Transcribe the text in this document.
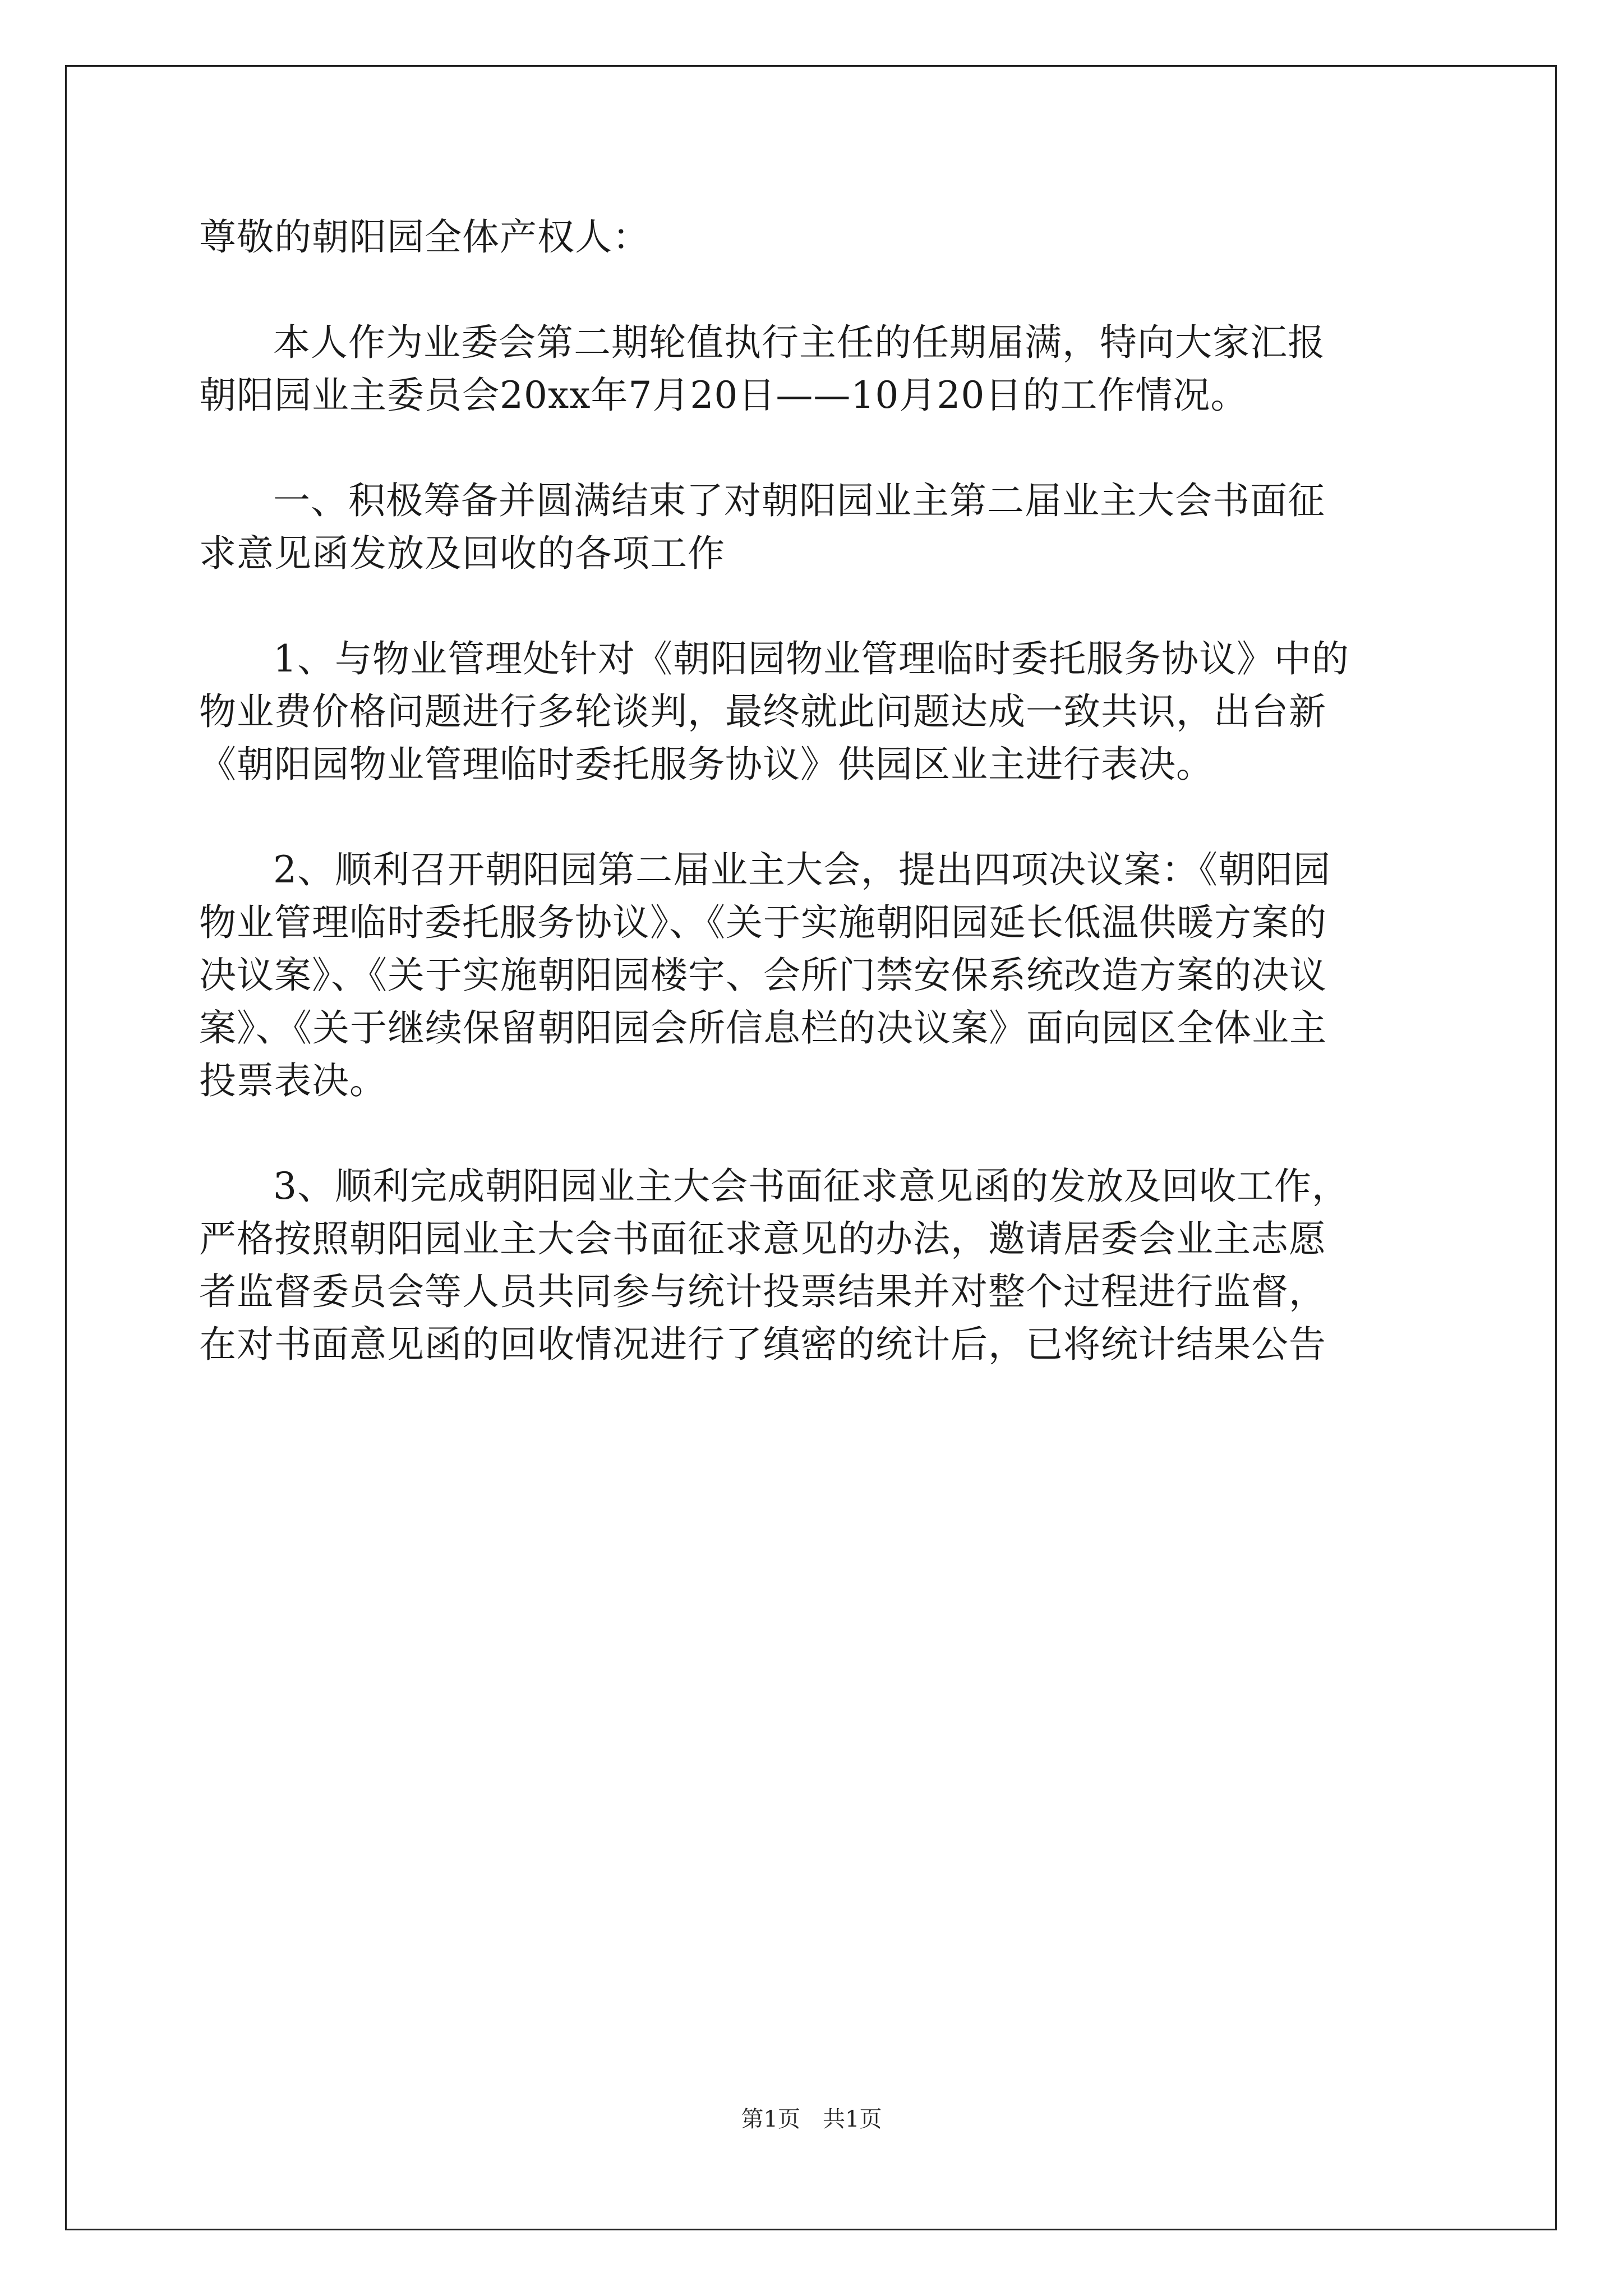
尊敬的朝阳园全体产权人：
本人作为业委会第二期轮值执行主任的任期届满，特向大家汇报
朝阳园业主委员会20xx年7月20日——10月20日的工作情况。
一、积极筹备并圆满结束了对朝阳园业主第二届业主大会书面征
求意见函发放及回收的各项工作
1、与物业管理处针对《朝阳园物业管理临时委托服务协议》中的
物业费价格问题进行多轮谈判，最终就此问题达成一致共识，出台新
《朝阳园物业管理临时委托服务协议》供园区业主进行表决。
2、顺利召开朝阳园第二届业主大会，提出四项决议案：《朝阳园
物业管理临时委托服务协议》、《关于实施朝阳园延长低温供暖方案的
决议案》、《关于实施朝阳园楼宇、会所门禁安保系统改造方案的决议
案》、《关于继续保留朝阳园会所信息栏的决议案》面向园区全体业主
投票表决。
3、顺利完成朝阳园业主大会书面征求意见函的发放及回收工作，
严格按照朝阳园业主大会书面征求意见的办法，邀请居委会业主志愿
者监督委员会等人员共同参与统计投票结果并对整个过程进行监督，
在对书面意见函的回收情况进行了缜密的统计后，已将统计结果公告
第1页　共1页
